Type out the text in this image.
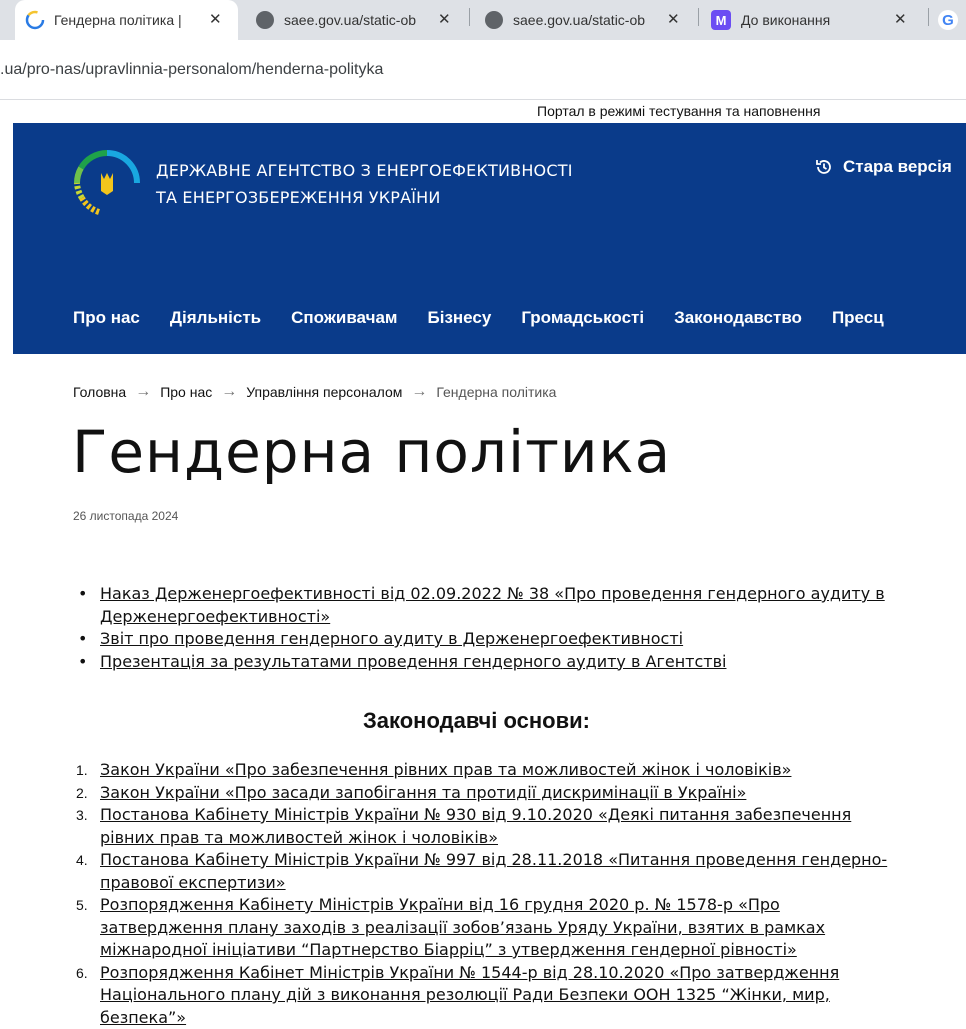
Гендерна політика |	✕	saee.gov.ua/static-ob	✕	saee.gov.ua/static-ob	✕	M	До виконання	✕ G
.ua/pro-nas/upravlinnia-personalom/henderna-polityka
Портал в режимі тестування та наповнення
ДЕРЖАВНЕ АГЕНТСТВО З ЕНЕРГОЕФЕКТИВНОСТІ
ТА ЕНЕРГОЗБЕРЕЖЕННЯ УКРАЇНИ
Стара версія
Про нас Діяльність Споживачам Бізнесу Громадськості Законодавство Пресц
Головна → Про нас → Управління персоналом → Гендерна політика
Гендерна політика
26 листопада 2024
• Наказ Держенергоефективності від 02.09.2022 № 38 «Про проведення гендерного аудиту в Держенергоефективності»
• Звіт про проведення гендерного аудиту в Держенергоефективності
• Презентація за результатами проведення гендерного аудиту в Агентстві
Законодавчі основи:
1. Закон України «Про забезпечення рівних прав та можливостей жінок і чоловіків»
2. Закон України «Про засади запобігання та протидії дискримінації в Україні»
3. Постанова Кабінету Міністрів України № 930 від 9.10.2020 «Деякі питання забезпечення рівних прав та можливостей жінок і чоловіків»
4. Постанова Кабінету Міністрів України № 997 від 28.11.2018 «Питання проведення гендерно-правової експертизи»
5. Розпорядження Кабінету Міністрів України від 16 грудня 2020 р. № 1578-р «Про затвердження плану заходів з реалізації зобов’язань Уряду України, взятих в рамках міжнародної ініціативи “Партнерство Біарріц” з утвердження гендерної рівності»
6. Розпорядження Кабінет Міністрів України № 1544-р від 28.10.2020 «Про затвердження Національного плану дій з виконання резолюції Ради Безпеки ООН 1325 “Жінки, мир, безпека”»
